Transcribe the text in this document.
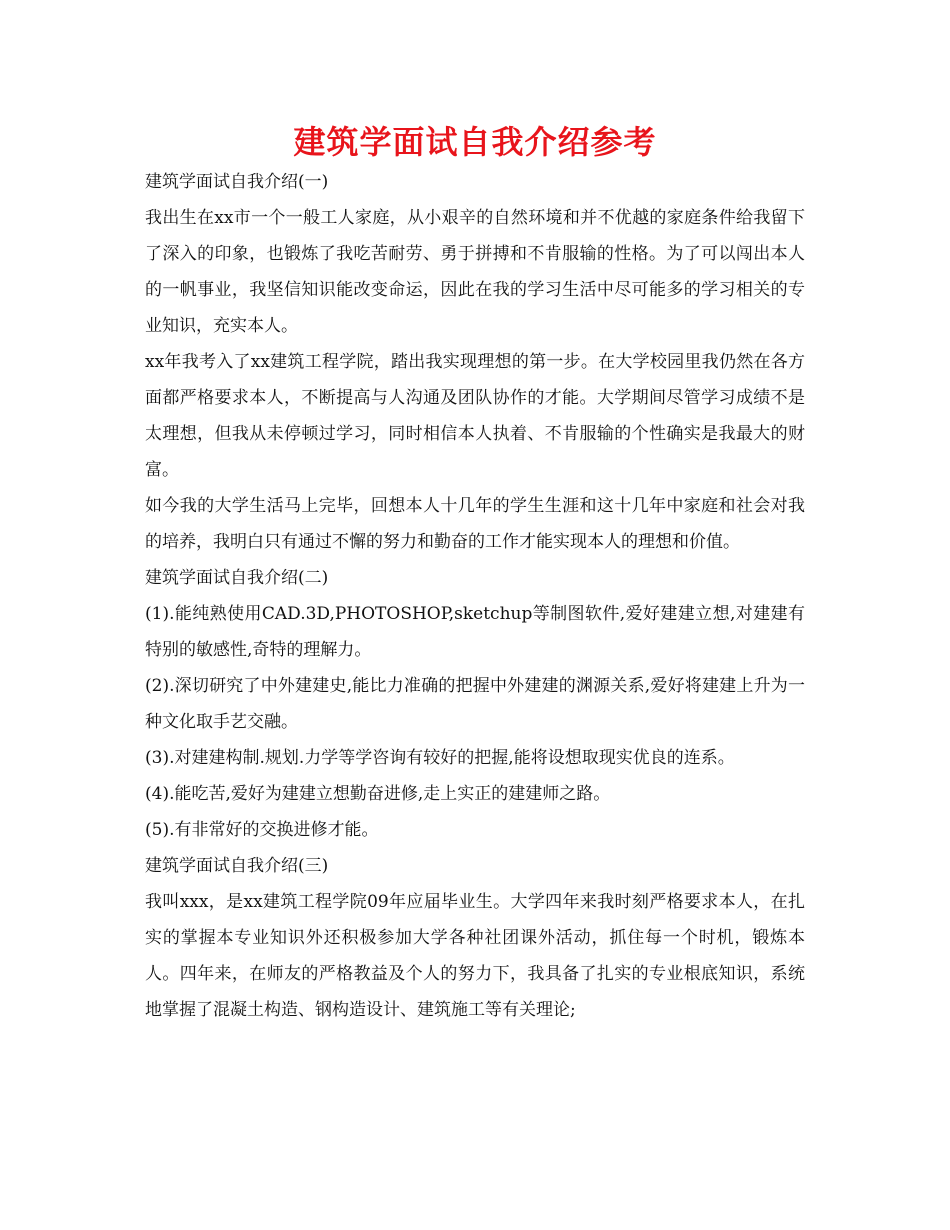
建筑学面试自我介绍参考

建筑学面试自我介绍(一)

我出生在xx市一个一般工人家庭，从小艰辛的自然环境和并不优越的家庭条件给我留下了深入的印象，也锻炼了我吃苦耐劳、勇于拼搏和不肯服输的性格。为了可以闯出本人的一帆事业，我坚信知识能改变命运，因此在我的学习生活中尽可能多的学习相关的专业知识，充实本人。

xx年我考入了xx建筑工程学院，踏出我实现理想的第一步。在大学校园里我仍然在各方面都严格要求本人，不断提高与人沟通及团队协作的才能。大学期间尽管学习成绩不是太理想，但我从未停顿过学习，同时相信本人执着、不肯服输的个性确实是我最大的财富。

如今我的大学生活马上完毕，回想本人十几年的学生生涯和这十几年中家庭和社会对我的培养，我明白只有通过不懈的努力和勤奋的工作才能实现本人的理想和价值。

建筑学面试自我介绍(二)

(1).能纯熟使用CAD.3D,PHOTOSHOP,sketchup等制图软件,爱好建建立想,对建建有特别的敏感性,奇特的理解力。

(2).深切研究了中外建建史,能比力准确的把握中外建建的渊源关系,爱好将建建上升为一种文化取手艺交融。

(3).对建建构制.规划.力学等学咨询有较好的把握,能将设想取现实优良的连系。

(4).能吃苦,爱好为建建立想勤奋进修,走上实正的建建师之路。

(5).有非常好的交换进修才能。

建筑学面试自我介绍(三)

我叫xxx，是xx建筑工程学院09年应届毕业生。大学四年来我时刻严格要求本人，在扎实的掌握本专业知识外还积极参加大学各种社团课外活动，抓住每一个时机，锻炼本人。四年来，在师友的严格教益及个人的努力下，我具备了扎实的专业根底知识，系统地掌握了混凝土构造、钢构造设计、建筑施工等有关理论;
